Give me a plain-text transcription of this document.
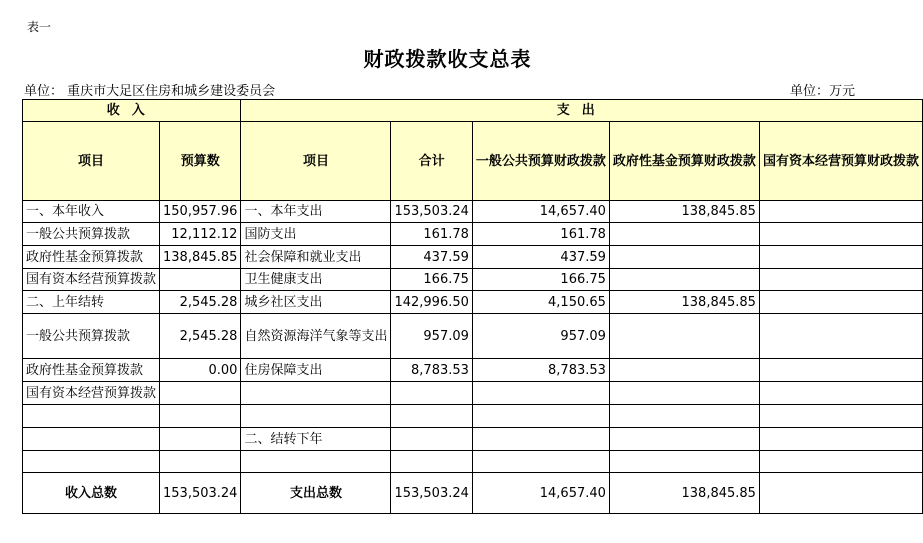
表一
财政拨款收支总表
单位： 重庆市大足区住房和城乡建设委员会	单位：万元
收入		支出				
项目	预算数	项目	合计	一般公共预算财政拨款	政府性基金预算财政拨款	国有资本经营预算财政拨款
一、本年收入	150,957.96	一、本年支出	153,503.24	14,657.40	138,845.85	
一般公共预算拨款	12,112.12	国防支出	161.78	161.78		
政府性基金预算拨款	138,845.85	社会保障和就业支出	437.59	437.59		
国有资本经营预算拨款		卫生健康支出	166.75	166.75		
二、上年结转	2,545.28	城乡社区支出	142,996.50	4,150.65	138,845.85	
一般公共预算拨款	2,545.28	自然资源海洋气象等支出	957.09	957.09		
政府性基金预算拨款	0.00	住房保障支出	8,783.53	8,783.53		
国有资本经营预算拨款						

		二、结转下年				

收入总数	153,503.24	支出总数	153,503.24	14,657.40	138,845.85	
